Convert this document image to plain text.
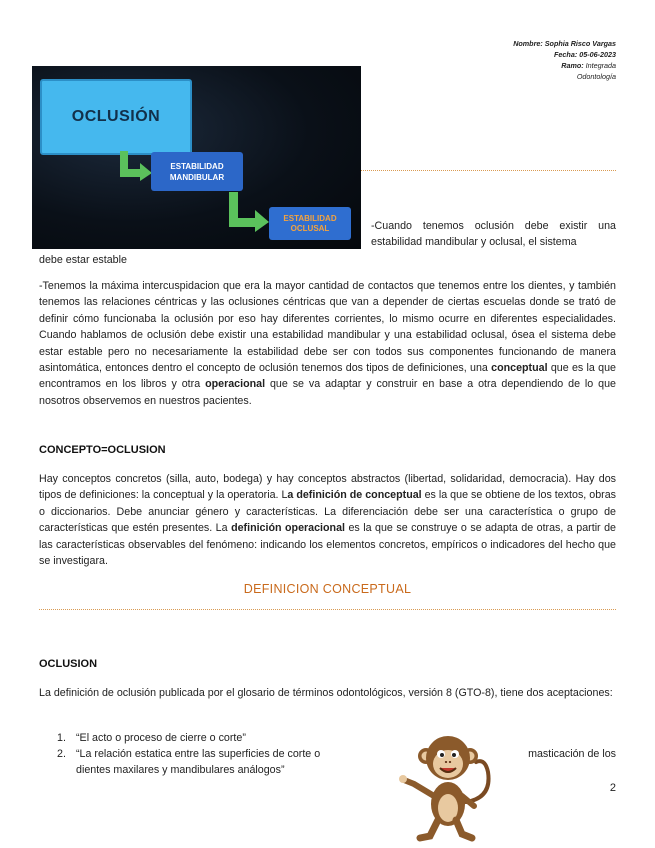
Nombre: Sophia Risco Vargas
Fecha: 05-06-2023
Ramo: Integrada
Odontología
OCLUSIÓN
ESTABILIDAD
MANDIBULAR
ESTABILIDAD
OCLUSAL	-Cuando tenemos oclusión debe existir una estabilidad mandibular y oclusal, el sistema
debe estar estable
-Tenemos la máxima intercuspidacion que era la mayor cantidad de contactos que tenemos entre los dientes, y también tenemos las relaciones céntricas y las oclusiones céntricas que van a depender de ciertas escuelas donde se trató de definir cómo funcionaba la oclusión por eso hay diferentes corrientes, lo mismo ocurre en diferentes especialidades. Cuando hablamos de oclusión debe existir una estabilidad mandibular y una estabilidad oclusal, ósea el sistema debe estar estable pero no necesariamente la estabilidad debe ser con todos sus componentes funcionando de manera asintomática, entonces dentro el concepto de oclusión tenemos dos tipos de definiciones, una conceptual que es la que encontramos en los libros y otra operacional que se va adaptar y construir en base a otra dependiendo de lo que nosotros observemos en nuestros pacientes.
CONCEPTO=OCLUSION
Hay conceptos concretos (silla, auto, bodega) y hay conceptos abstractos (libertad, solidaridad, democracia). Hay dos tipos de definiciones: la conceptual y la operatoria. La definición de conceptual es la que se obtiene de los textos, obras o diccionarios. Debe anunciar género y características. La diferenciación debe ser una característica o grupo de características que estén presentes. La definición operacional es la que se construye o se adapta de otras, a partir de las características observables del fenómeno: indicando los elementos concretos, empíricos o indicadores del hecho que se investigara.
DEFINICION CONCEPTUAL
OCLUSION
La definición de oclusión publicada por el glosario de términos odontológicos, versión 8 (GTO-8), tiene dos aceptaciones:
1. “El acto o proceso de cierre o corte”
2. “La relación estatica entre las superficies de corte o	masticación de los
dientes maxilares y mandibulares análogos”
2
